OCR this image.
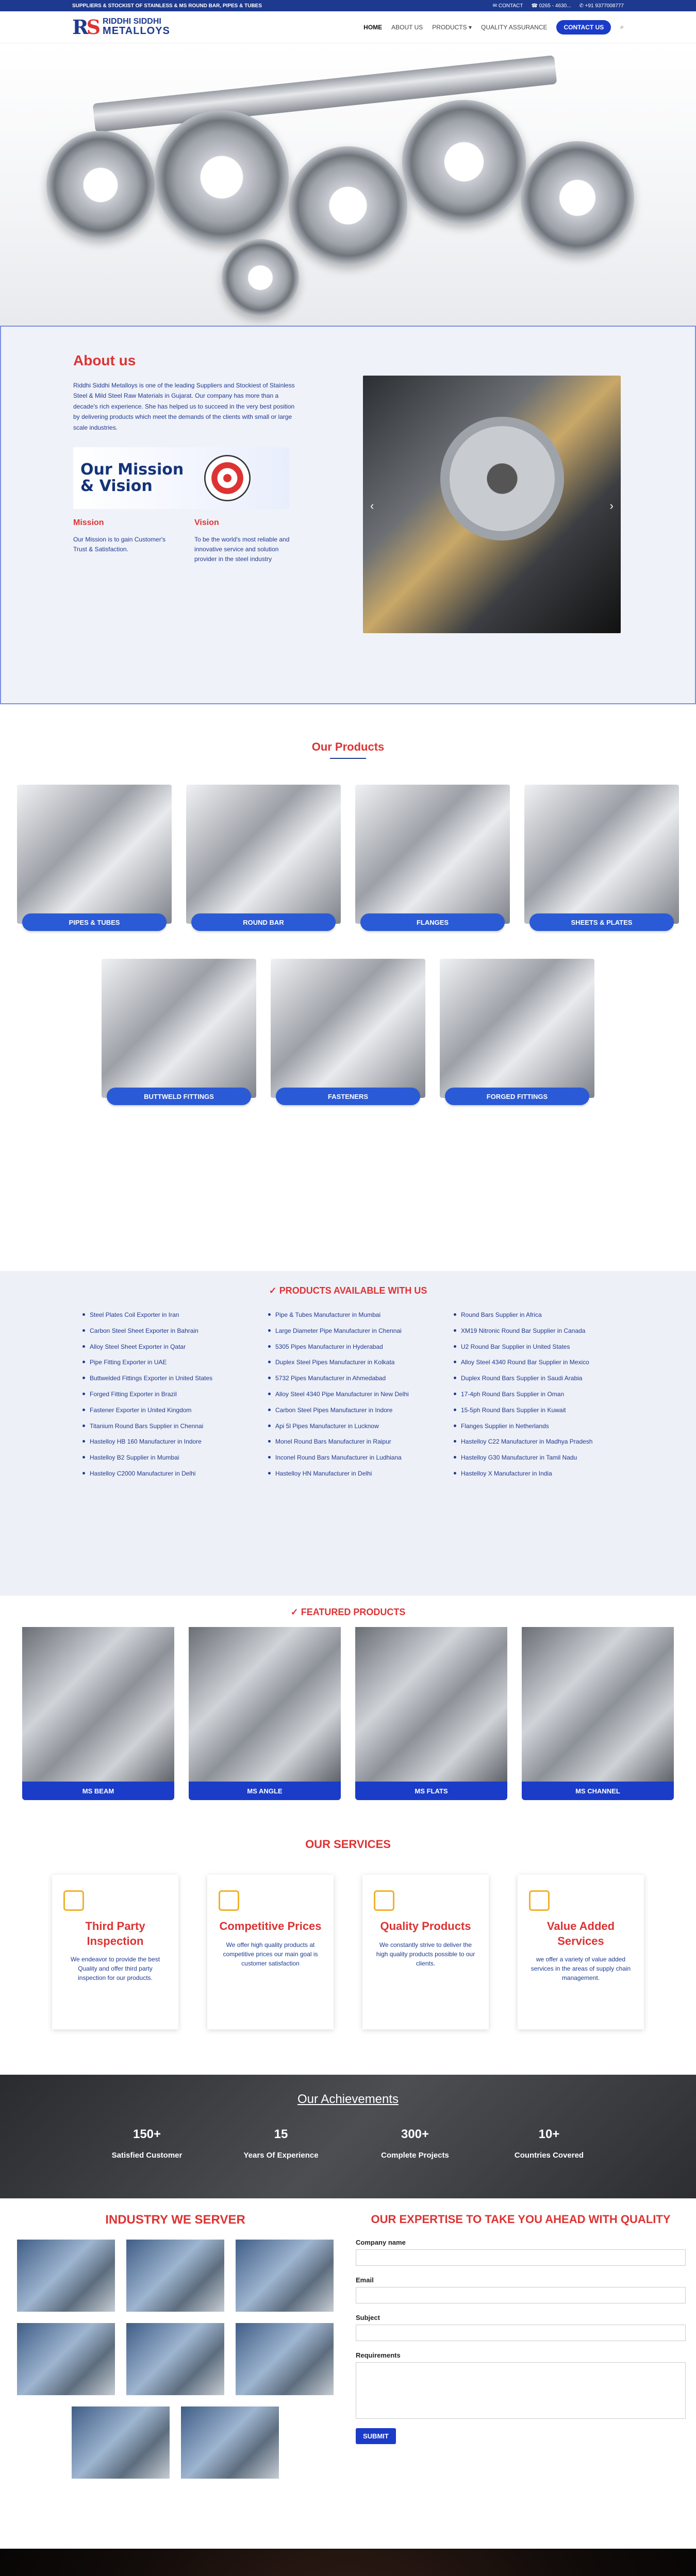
SUPPLIERS & STOCKIST OF STAINLESS & MS ROUND BAR, PIPES & TUBES	✉ CONTACT ☎ 0265 - 4630... ✆ +91 9377008777
RS RIDDHI SIDDHI
METALLOYS	HOME ABOUT US PRODUCTS ▾ QUALITY ASSURANCE	CONTACT US	⌕
About us

Riddhi Siddhi Metalloys is one of the leading Suppliers and Stockiest of Stainless Steel & Mild Steel Raw Materials in Gujarat. Our company has more than a decade's rich experience. She has helped us to succeed in the very best position by delivering products which meet the demands of the clients with small or large scale industries.

Our Mission
& Vision
Mission

Our Mission is to gain Customer's Trust & Satisfaction.

Vision

To be the world's most reliable and innovative service and solution provider in the steel industry

‹	›
Our Products
PIPES & TUBES	ROUND BAR	FLANGES	SHEETS & PLATES
BUTTWELD FITTINGS	FASTENERS	FORGED FITTINGS
✓ PRODUCTS AVAILABLE WITH US
Steel Plates Coil Exporter in Iran
Carbon Steel Sheet Exporter in Bahrain
Alloy Steel Sheet Exporter in Qatar
Pipe Fitting Exporter in UAE
Buttwelded Fittings Exporter in United States
Forged Fitting Exporter in Brazil
Fastener Exporter in United Kingdom
Titanium Round Bars Supplier in Chennai
Hastelloy HB 160 Manufacturer in Indore
Hastelloy B2 Supplier in Mumbai
Hastelloy C2000 Manufacturer in Delhi
Pipe & Tubes Manufacturer in Mumbai
Large Diameter Pipe Manufacturer in Chennai
5305 Pipes Manufacturer in Hyderabad
Duplex Steel Pipes Manufacturer in Kolkata
5732 Pipes Manufacturer in Ahmedabad
Alloy Steel 4340 Pipe Manufacturer in New Delhi
Carbon Steel Pipes Manufacturer in Indore
Api 5l Pipes Manufacturer in Lucknow
Monel Round Bars Manufacturer in Raipur
Inconel Round Bars Manufacturer in Ludhiana
Hastelloy HN Manufacturer in Delhi
Round Bars Supplier in Africa
XM19 Nitronic Round Bar Supplier in Canada
U2 Round Bar Supplier in United States
Alloy Steel 4340 Round Bar Supplier in Mexico
Duplex Round Bars Supplier in Saudi Arabia
17-4ph Round Bars Supplier in Oman
15-5ph Round Bars Supplier in Kuwait
Flanges Supplier in Netherlands
Hastelloy C22 Manufacturer in Madhya Pradesh
Hastelloy G30 Manufacturer in Tamil Nadu
Hastelloy X Manufacturer in India
✓ FEATURED PRODUCTS
MS BEAM	MS ANGLE	MS FLATS	MS CHANNEL
OUR SERVICES
Third Party Inspection

We endeavor to provide the best Quality and offer third party inspection for our products.

Competitive Prices

We offer high quality products at competitive prices our main goal is customer satisfaction

Quality Products

We constantly strive to deliver the high quality products possible to our clients.

Value Added Services

we offer a variety of value added services in the areas of supply chain management.

Our Achievements
150+
Satisfied Customer
15
Years Of Experience
300+
Complete Projects
10+
Countries Covered
INDUSTRY WE SERVER	OUR EXPERTISE TO TAKE YOU AHEAD WITH QUALITY
Company name
Email
Subject
Requirements
SUBMIT
